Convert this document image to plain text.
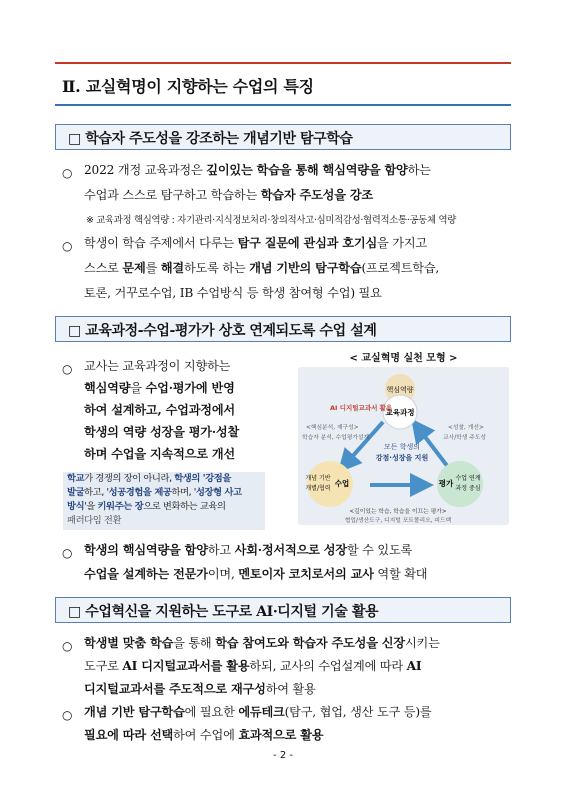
Ⅱ. 교실혁명이 지향하는 수업의 특징
□ 학습자 주도성을 강조하는 개념기반 탐구학습
○ 2022 개정 교육과정은 깊이있는 학습을 통해 핵심역량을 함양하는
수업과 스스로 탐구하고 학습하는 학습자 주도성을 강조
※ 교육과정 핵심역량 : 자기관리·지식정보처리·창의적사고·심미적감성·협력적소통·공동체 역량
○ 학생이 학습 주제에서 다루는 탐구 질문에 관심과 호기심을 가지고
스스로 문제를 해결하도록 하는 개념 기반의 탐구학습(프로젝트학습,
토론, 거꾸로수업, IB 수업방식 등 학생 참여형 수업) 필요
□ 교육과정-수업-평가가 상호 연계되도록 수업 설계
○ 교사는 교육과정이 지향하는
핵심역량을 수업·평가에 반영
하여 설계하고, 수업과정에서
학생의 역량 성장을 평가·성찰
하며 수업을 지속적으로 개선
학교가 경쟁의 장이 아니라, 학생의 '강점을
발굴하고, '성공경험을 제공하며, '성장형 사고
방식'을 키워주는 장으로 변화하는 교육의
패러다임 전환
< 교실혁명 실천 모형 >
핵심역량
교육과정
AI 디지털교과서 활용
<핵심분석, 재구성>
학습자 분석, 수업평가설계
<성찰, 개선>
교사/학생 주도성
모든 학생의
강점·성장을 지원
개념 기반
개별/협력
수업	평가
수업 연계
과정 중심
<깊이있는 학습, 학습을 이끄는 평가>
협업/생산도구, 디지털 포트폴리오, 피드백
○ 학생의 핵심역량을 함양하고 사회·정서적으로 성장할 수 있도록
수업을 설계하는 전문가이며, 멘토이자 코치로서의 교사 역할 확대
□ 수업혁신을 지원하는 도구로 AI·디지털 기술 활용
○ 학생별 맞춤 학습을 통해 학습 참여도와 학습자 주도성을 신장시키는
도구로 AI 디지털교과서를 활용하되, 교사의 수업설계에 따라 AI
디지털교과서를 주도적으로 재구성하여 활용
○ 개념 기반 탐구학습에 필요한 에듀테크(탐구, 협업, 생산 도구 등)를
필요에 따라 선택하여 수업에 효과적으로 활용
- 2 -
